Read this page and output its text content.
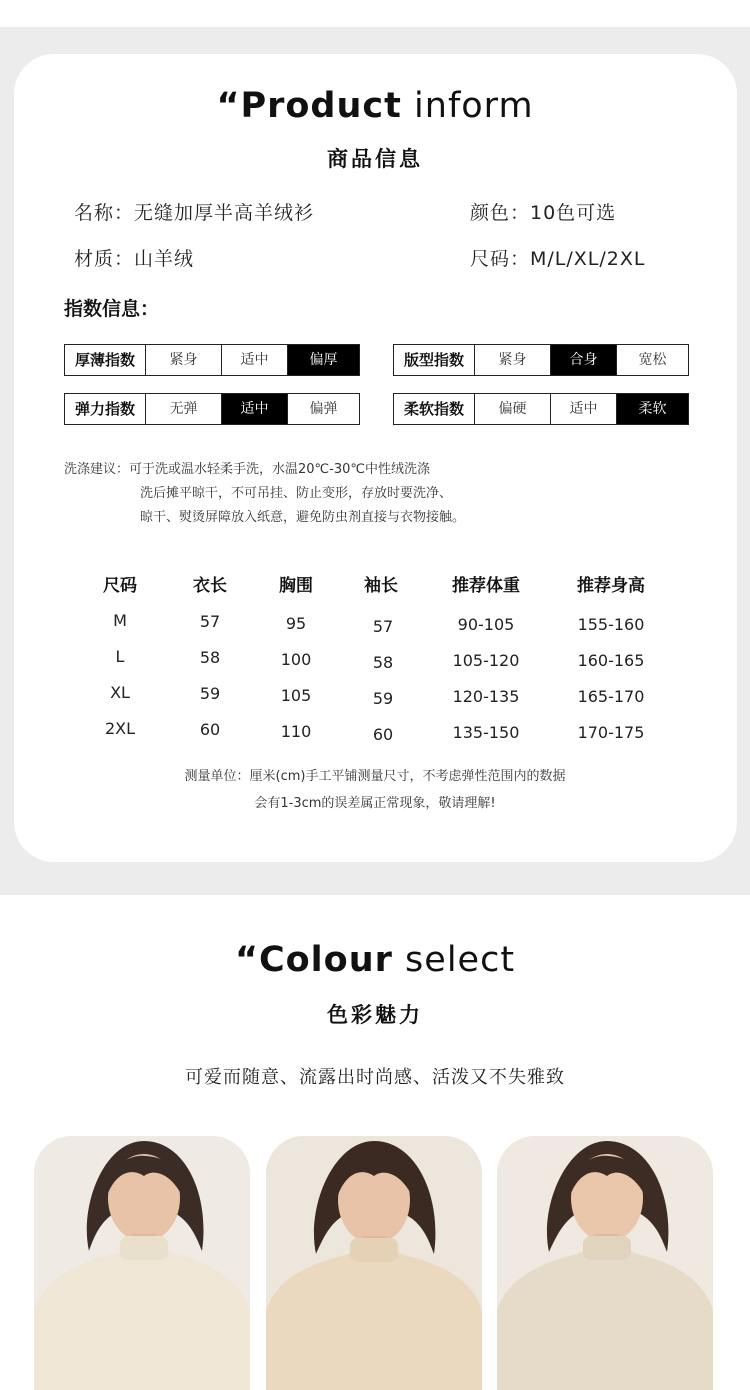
“Product inform
商品信息
名称：无缝加厚半高羊绒衫	颜色：10色可选
材质：山羊绒	尺码：M/L/XL/2XL
指数信息：
厚薄指数	紧身	适中	偏厚	版型指数	紧身	合身	宽松
弹力指数	无弹	适中	偏弹	柔软指数	偏硬	适中	柔软
洗涤建议：可于洗或温水轻柔手洗，水温20℃-30℃中性绒洗涤
洗后摊平晾干，不可吊挂、防止变形，存放时要洗净、
晾干、熨烫屏障放入纸意，避免防虫剂直接与衣物接触。
尺码	衣长	胸围	袖长	推荐体重	推荐身高
M	57	95	57	90-105	155-160
L	58	100	58	105-120	160-165
XL	59	105	59	120-135	165-170
2XL	60	110	60	135-150	170-175
测量单位：厘米(cm)手工平铺测量尺寸，不考虑弹性范围内的数据
会有1-3cm的误差属正常现象，敬请理解!
“Colour select
色彩魅力
可爱而随意、流露出时尚感、活泼又不失雅致
